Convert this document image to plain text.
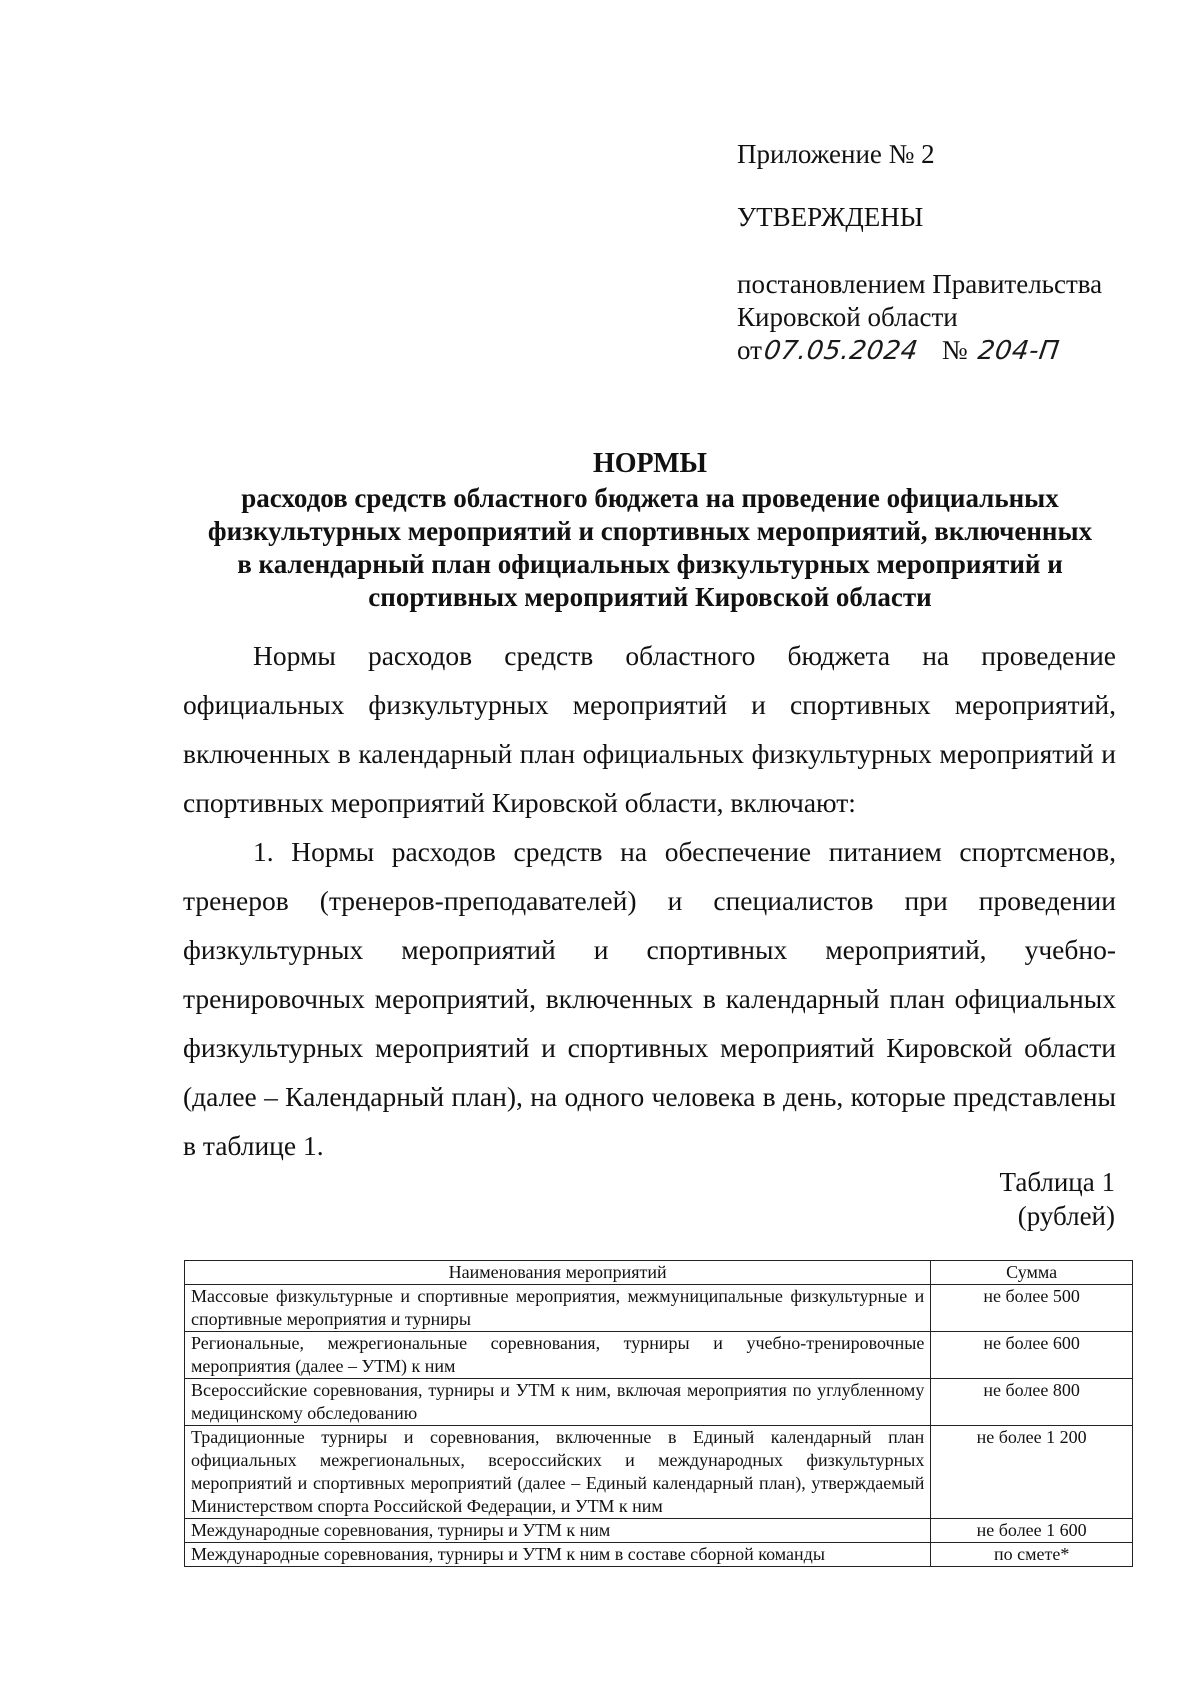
Приложение № 2
УТВЕРЖДЕНЫ
постановлением Правительства
Кировской области
от 07.05.2024 № 204-П
НОРМЫ
расходов средств областного бюджета на проведение официальных
физкультурных мероприятий и спортивных мероприятий, включенных
в календарный план официальных физкультурных мероприятий и
спортивных мероприятий Кировской области

Нормы расходов средств областного бюджета на проведение официальных физкультурных мероприятий и спортивных мероприятий, включенных в календарный план официальных физкультурных мероприятий и спортивных мероприятий Кировской области, включают:

1. Нормы расходов средств на обеспечение питанием спортсменов, тренеров (тренеров-преподавателей) и специалистов при проведении физкультурных мероприятий и спортивных мероприятий, учебно-тренировочных мероприятий, включенных в календарный план официальных физкультурных мероприятий и спортивных мероприятий Кировской области (далее – Календарный план), на одного человека в день, которые представлены в таблице 1.

Таблица 1
(рублей)
Наименования мероприятий	Сумма
Массовые физкультурные и спортивные мероприятия, межмуниципальные физкультурные и спортивные мероприятия и турниры	не более 500
Региональные, межрегиональные соревнования, турниры и учебно-тренировочные мероприятия (далее – УТМ) к ним	не более 600
Всероссийские соревнования, турниры и УТМ к ним, включая мероприятия по углубленному медицинскому обследованию	не более 800
Традиционные турниры и соревнования, включенные в Единый календарный план официальных межрегиональных, всероссийских и международных физкультурных мероприятий и спортивных мероприятий (далее – Единый календарный план), утверждаемый Министерством спорта Российской Федерации, и УТМ к ним	не более 1 200
Международные соревнования, турниры и УТМ к ним	не более 1 600
Международные соревнования, турниры и УТМ к ним в составе сборной команды	по смете*
